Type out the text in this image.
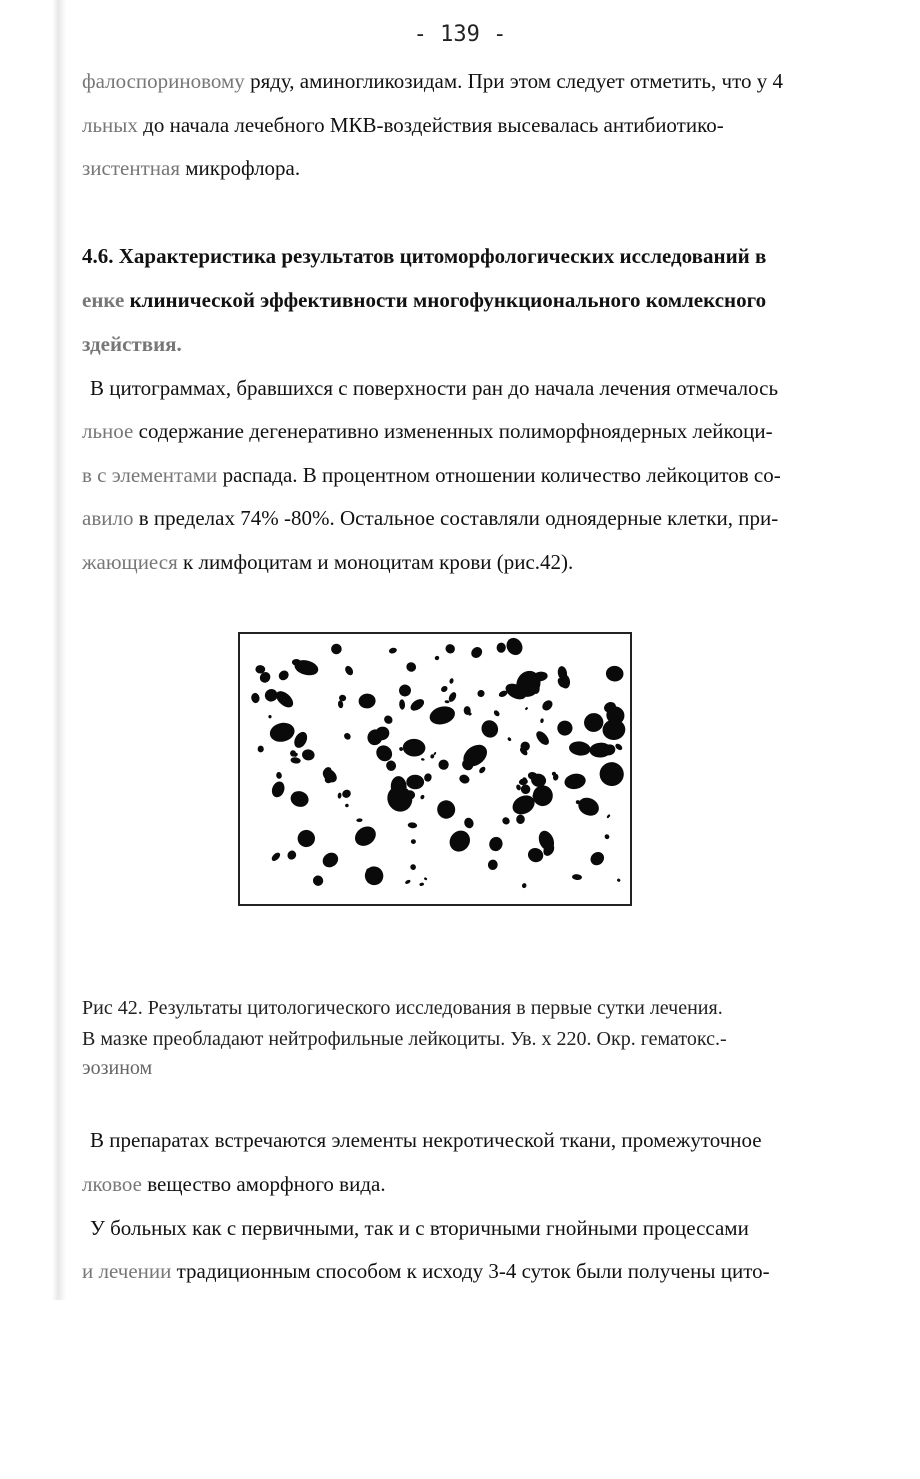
- 139 -
фалоспориновому ряду, аминогликозидам. При этом следует отметить, что у 4
льных до начала лечебного МКВ-воздействия высевалась антибиотико-
зистентная микрофлора.
4.6. Характеристика результатов цитоморфологических исследований в
енке клинической эффективности многофункционального комлексного
здействия.
В цитограммах, бравшихся с поверхности ран до начала лечения отмечалось
льное содержание дегенеративно измененных полиморфноядерных лейкоци-
в с элементами распада. В процентном отношении количество лейкоцитов со-
авило в пределах 74% -80%. Остальное составляли одноядерные клетки, при-
жающиеся к лимфоцитам и моноцитам крови (рис.42).
Рис 42. Результаты цитологического исследования в первые сутки лечения.
В мазке преобладают нейтрофильные лейкоциты. Ув. х 220. Окр. гематокс.-
эозином
В препаратах встречаются элементы некротической ткани, промежуточное
лковое вещество аморфного вида.
У больных как с первичными, так и с вторичными гнойными процессами
и лечении традиционным способом к исходу 3-4 суток были получены цито-
